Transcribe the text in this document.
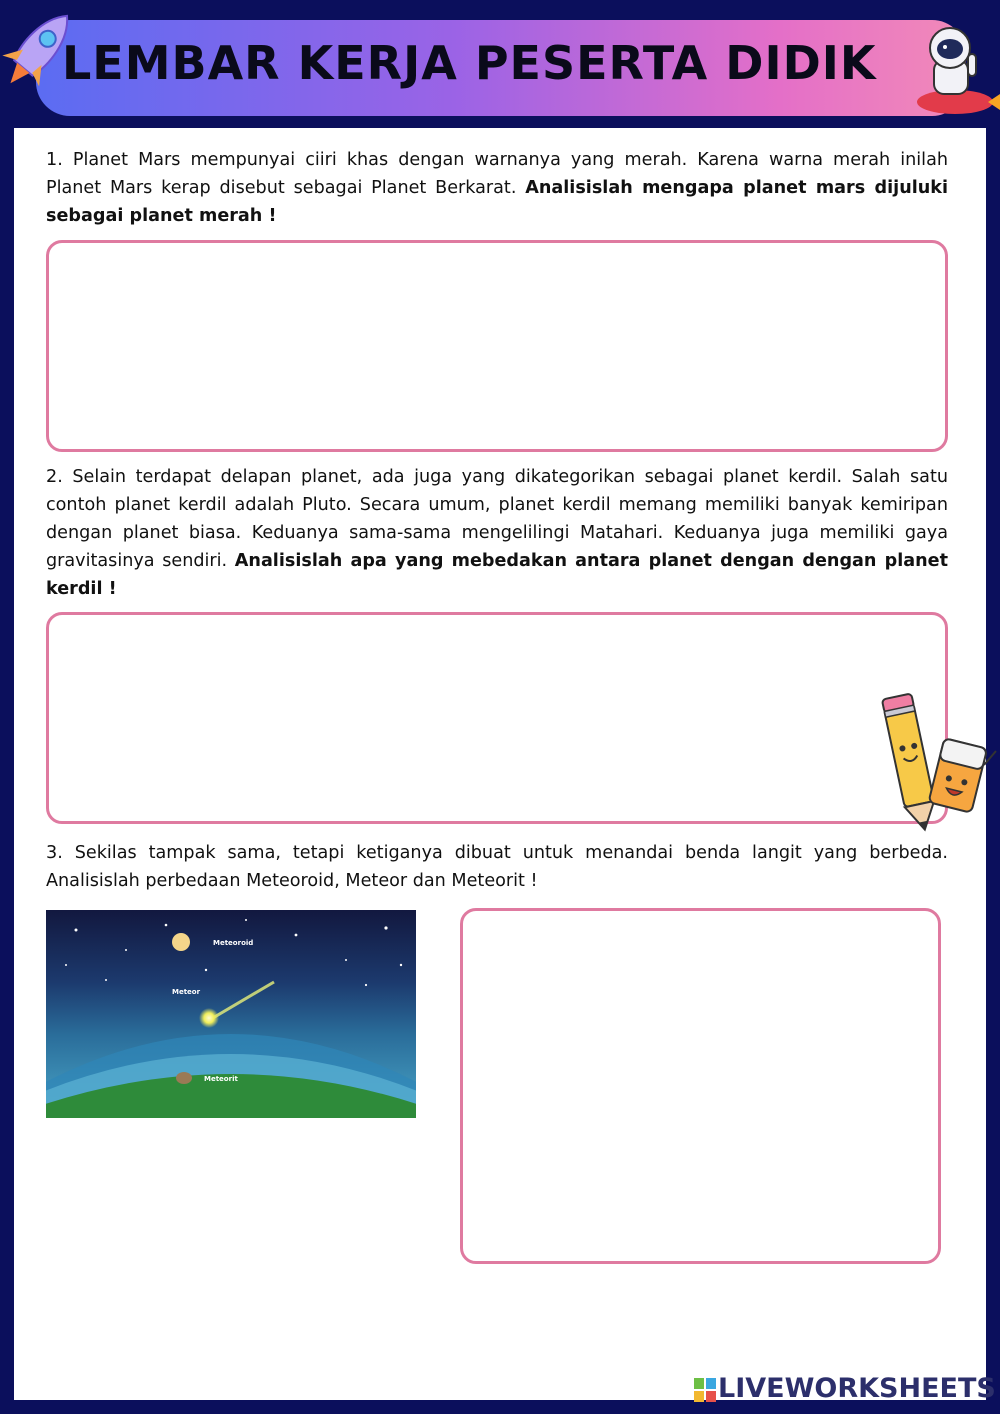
LEMBAR KERJA PESERTA DIDIK
1. Planet Mars mempunyai ciiri khas dengan warnanya yang merah. Karena warna merah inilah Planet Mars kerap disebut sebagai Planet Berkarat. Analisislah mengapa planet mars dijuluki sebagai planet merah !
2. Selain terdapat delapan planet, ada juga yang dikategorikan sebagai planet kerdil. Salah satu contoh planet kerdil adalah Pluto. Secara umum, planet kerdil memang memiliki banyak kemiripan dengan planet biasa. Keduanya sama-sama mengelilingi Matahari. Keduanya juga memiliki gaya gravitasinya sendiri. Analisislah apa yang mebedakan antara planet dengan dengan planet kerdil !
3. Sekilas tampak sama, tetapi ketiganya dibuat untuk menandai benda langit yang berbeda. Analisislah perbedaan Meteoroid, Meteor dan Meteorit !
Meteoroid
Meteor
Meteorit
LIVEWORKSHEETS
